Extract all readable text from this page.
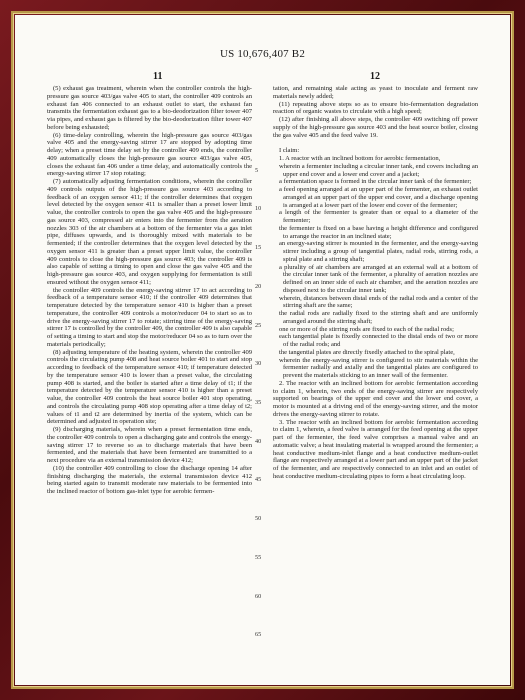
US 10,676,407 B2
11	12

(5) exhaust gas treatment, wherein when the controller controls the high-pressure gas source 403/gas valve 405 to start, the controller 409 controls an exhaust fan 406 connected to an exhaust outlet to start, the exhaust fan transmits the fermentation exhaust gas to a bio-deodorization filter tower 407 via pipes, and exhaust gas is filtered by the bio-deodorization filter tower 407 before being exhausted;

(6) time-delay controlling, wherein the high-pressure gas source 403/gas valve 405 and the energy-saving stirrer 17 are stopped by adopting time delay; when a preset time delay set by the controller 409 ends, the controller 409 automatically closes the high-pressure gas source 403/gas valve 405, closes the exhaust fan 406 under a time delay, and automatically controls the energy-saving stirrer 17 stop rotating;

(7) automatically adjusting fermentation conditions, wherein the controller 409 controls outputs of the high-pressure gas source 403 according to feedback of an oxygen sensor 411; if the controller determines that oxygen level detected by the oxygen sensor 411 is smaller than a preset lower limit value, the controller controls to open the gas valve 405 and the high-pressure gas source 403, compressed air enters into the fermenter from the aeration nozzles 303 of the air chambers at a bottom of the fermenter via a gas inlet pipe, diffuses upwards, and is thoroughly mixed with materials to be fermented; if the controller determines that the oxygen level detected by the oxygen sensor 411 is greater than a preset upper limit value, the controller 409 controls to close the high-pressure gas source 403; the controller 409 is also capable of setting a timing to open and close the gas valve 405 and the high-pressure gas source 403, and oxygen supplying for fermentation is still ensured without the oxygen sensor 411;

the controller 409 controls the energy-saving stirrer 17 to act according to feedback of a temperature sensor 410; if the controller 409 determines that temperature detected by the temperature sensor 410 is higher than a preset temperature, the controller 409 controls a motor/reducer 04 to start so as to drive the energy-saving stirrer 17 to rotate; stirring time of the energy-saving stirrer 17 is controlled by the controller 409, the controller 409 is also capable of setting a timing to start and stop the motor/reducer 04 so as to turn over the materials periodically;

(8) adjusting temperature of the heating system, wherein the controller 409 controls the circulating pump 408 and heat source boiler 401 to start and stop according to feedback of the temperature sensor 410; if temperature detected by the temperature sensor 410 is lower than a preset value, the circulating pump 408 is started, and the boiler is started after a time delay of t1; if the temperature detected by the temperature sensor 410 is higher than a preset value, the controller 409 controls the heat source boiler 401 stop operating, and controls the circulating pump 408 stop operating after a time delay of t2; values of t1 and t2 are determined by inertia of the system, which can be determined and adjusted in operation site;

(9) discharging materials, wherein when a preset fermentation time ends, the controller 409 controls to open a discharging gate and controls the energy-saving stirrer 17 to reverse so as to discharge materials that have been fermented, and the materials that have been fermented are transmitted to a next procedure via an external transmission device 412;

(10) the controller 409 controlling to close the discharge opening 14 after finishing discharging the materials, the external transmission device 412 being started again to transmit moderate raw materials to be fermented into the inclined reactor of bottom gas-inlet type for aerobic fermen-

5
10
15
20
25
30
35
40
45
50
55
60
65

tation, and remaining stale acting as yeast to inoculate and ferment raw materials newly added;

(11) repeating above steps so as to ensure bio-fermentation degradation reaction of organic wastes to circulate with a high speed;

(12) after finishing all above steps, the controller 409 switching off power supply of the high-pressure gas source 403 and the heat source boiler, closing the gas valve 405 and the feed valve 19.

I claim:

1. A reactor with an inclined bottom for aerobic fermentation,

wherein a fermenter including a circular inner tank, end covers including an upper end cover and a lower end cover and a jacket;

a fermentation space is formed in the circular inner tank of the fermenter;

a feed opening arranged at an upper part of the fermenter, an exhaust outlet arranged at an upper part of the upper end cover, and a discharge opening is arranged at a lower part of the lower end cover of the fermenter;

a length of the fermenter is greater than or equal to a diameter of the fermenter;

the fermenter is fixed on a base having a height difference and configured to arrange the reactor in an inclined state;

an energy-saving stirrer is mounted in the fermenter, and the energy-saving stirrer including a group of tangential plates, radial rods, stirring rods, a spiral plate and a stirring shaft;

a plurality of air chambers are arranged at an external wall at a bottom of the circular inner tank of the fermenter, a plurality of aeration nozzles are defined on an inner side of each air chamber, and the aeration nozzles are disposed next to the circular inner tank;

wherein, distances between distal ends of the radial rods and a center of the stirring shaft are the same;

the radial rods are radially fixed to the stirring shaft and are uniformly arranged around the stirring shaft;

one or more of the stirring rods are fixed to each of the radial rods;

each tangential plate is fixedly connected to the distal ends of two or more of the radial rods; and

the tangential plates are directly fixedly attached to the spiral plate,

wherein the energy-saving stirrer is configured to stir materials within the fermenter radially and axially and the tangential plates are configured to prevent the materials sticking to an inner wall of the fermenter.

2. The reactor with an inclined bottom for aerobic fermentation according to claim 1, wherein, two ends of the energy-saving stirrer are respectively supported on bearings of the upper end cover and the lower end cover, a motor is mounted at a driving end of the energy-saving stirrer, and the motor drives the energy-saving stirrer to rotate.

3. The reactor with an inclined bottom for aerobic fermentation according to claim 1, wherein, a feed valve is arranged for the feed opening at the upper part of the fermenter, the feed valve comprises a manual valve and an automatic valve; a heat insulating material is wrapped around the fermenter; a heat conductive medium-inlet flange and a heat conductive medium-outlet flange are respectively arranged at a lower part and an upper part of the jacket of the fermenter, and are respectively connected to an inlet and an outlet of heat conductive medium-circulating pipes to form a heat circulating loop.
